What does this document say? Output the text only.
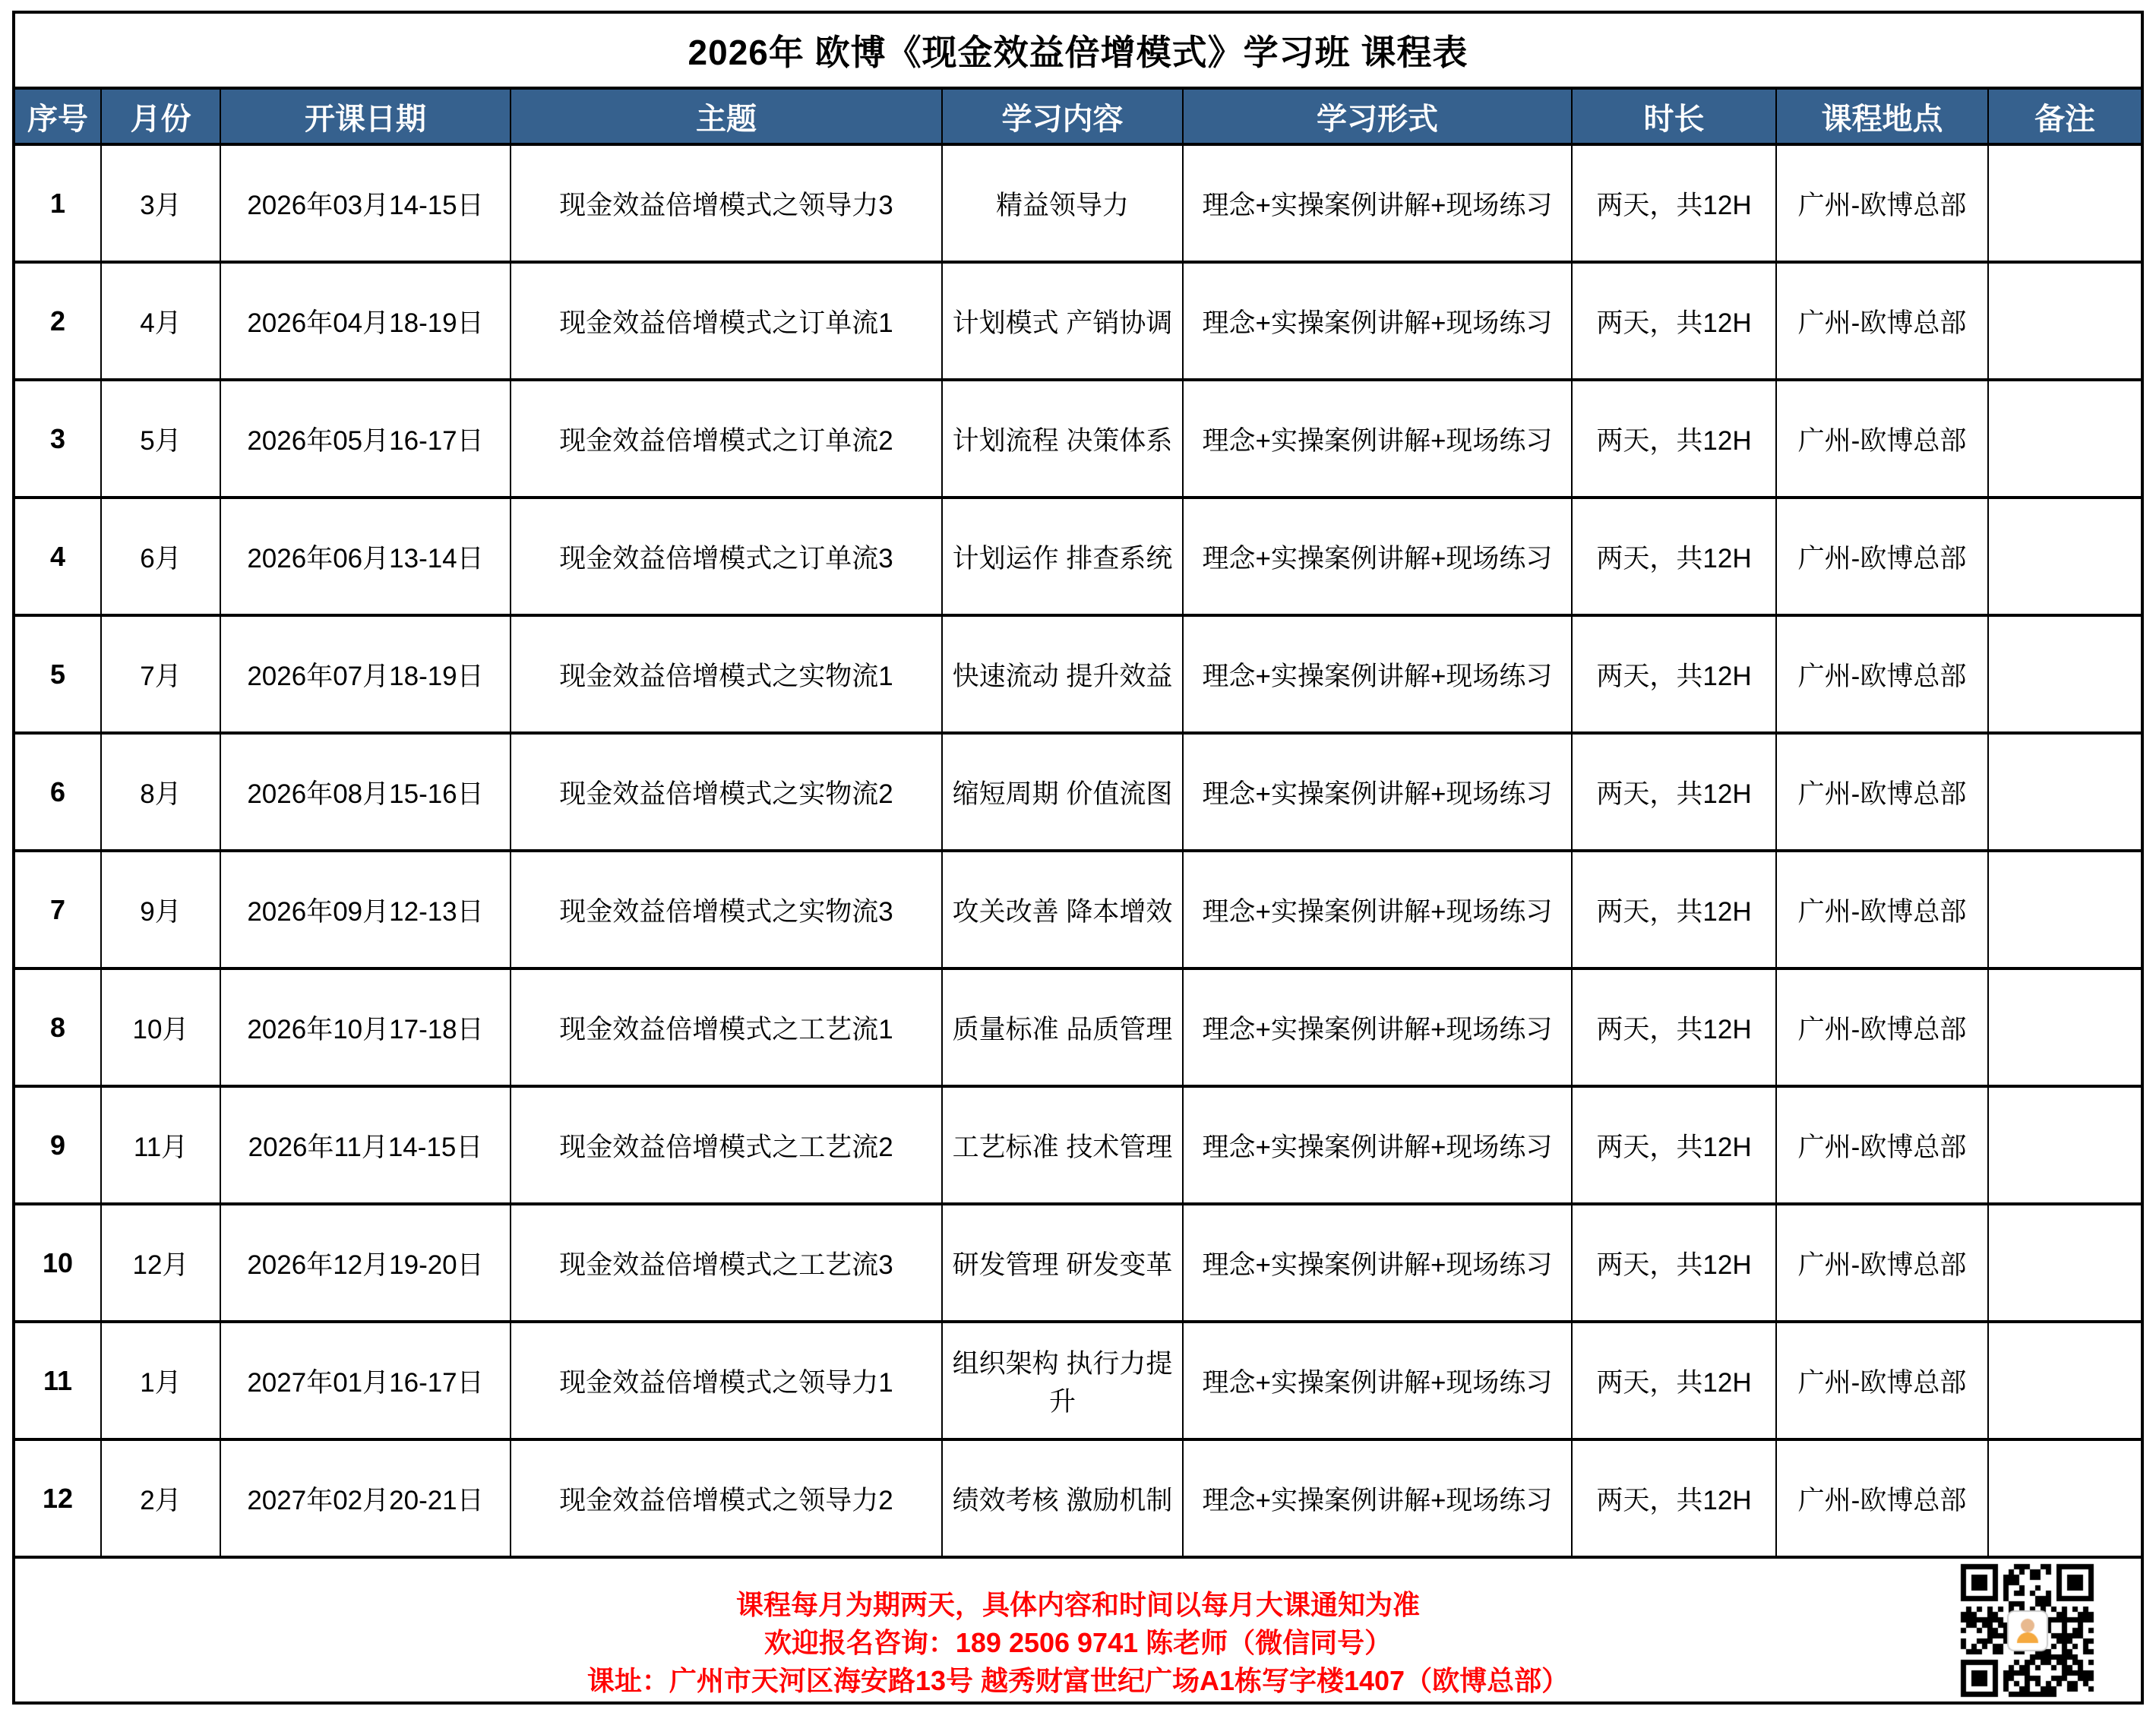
2026年 欧博《现金效益倍增模式》学习班 课程表								
序号	月份	开课日期	主题	学习内容	学习形式	时长	课程地点	备注
1	3月	2026年03月14-15日	现金效益倍增模式之领导力3	精益领导力	理念+实操案例讲解+现场练习	两天，共12H	广州-欧博总部	
2	4月	2026年04月18-19日	现金效益倍增模式之订单流1	计划模式 产销协调	理念+实操案例讲解+现场练习	两天，共12H	广州-欧博总部	
3	5月	2026年05月16-17日	现金效益倍增模式之订单流2	计划流程 决策体系	理念+实操案例讲解+现场练习	两天，共12H	广州-欧博总部	
4	6月	2026年06月13-14日	现金效益倍增模式之订单流3	计划运作 排查系统	理念+实操案例讲解+现场练习	两天，共12H	广州-欧博总部	
5	7月	2026年07月18-19日	现金效益倍增模式之实物流1	快速流动 提升效益	理念+实操案例讲解+现场练习	两天，共12H	广州-欧博总部	
6	8月	2026年08月15-16日	现金效益倍增模式之实物流2	缩短周期 价值流图	理念+实操案例讲解+现场练习	两天，共12H	广州-欧博总部	
7	9月	2026年09月12-13日	现金效益倍增模式之实物流3	攻关改善 降本增效	理念+实操案例讲解+现场练习	两天，共12H	广州-欧博总部	
8	10月	2026年10月17-18日	现金效益倍增模式之工艺流1	质量标准 品质管理	理念+实操案例讲解+现场练习	两天，共12H	广州-欧博总部	
9	11月	2026年11月14-15日	现金效益倍增模式之工艺流2	工艺标准 技术管理	理念+实操案例讲解+现场练习	两天，共12H	广州-欧博总部	
10	12月	2026年12月19-20日	现金效益倍增模式之工艺流3	研发管理 研发变革	理念+实操案例讲解+现场练习	两天，共12H	广州-欧博总部	
11	1月	2027年01月16-17日	现金效益倍增模式之领导力1	组织架构 执行力提升	理念+实操案例讲解+现场练习	两天，共12H	广州-欧博总部	
12	2月	2027年02月20-21日	现金效益倍增模式之领导力2	绩效考核 激励机制	理念+实操案例讲解+现场练习	两天，共12H	广州-欧博总部	

课程每月为期两天，具体内容和时间以每月大课通知为准
欢迎报名咨询：189 2506 9741 陈老师（微信同号）
课址：广州市天河区海安路13号 越秀财富世纪广场A1栋写字楼1407（欧博总部）								
